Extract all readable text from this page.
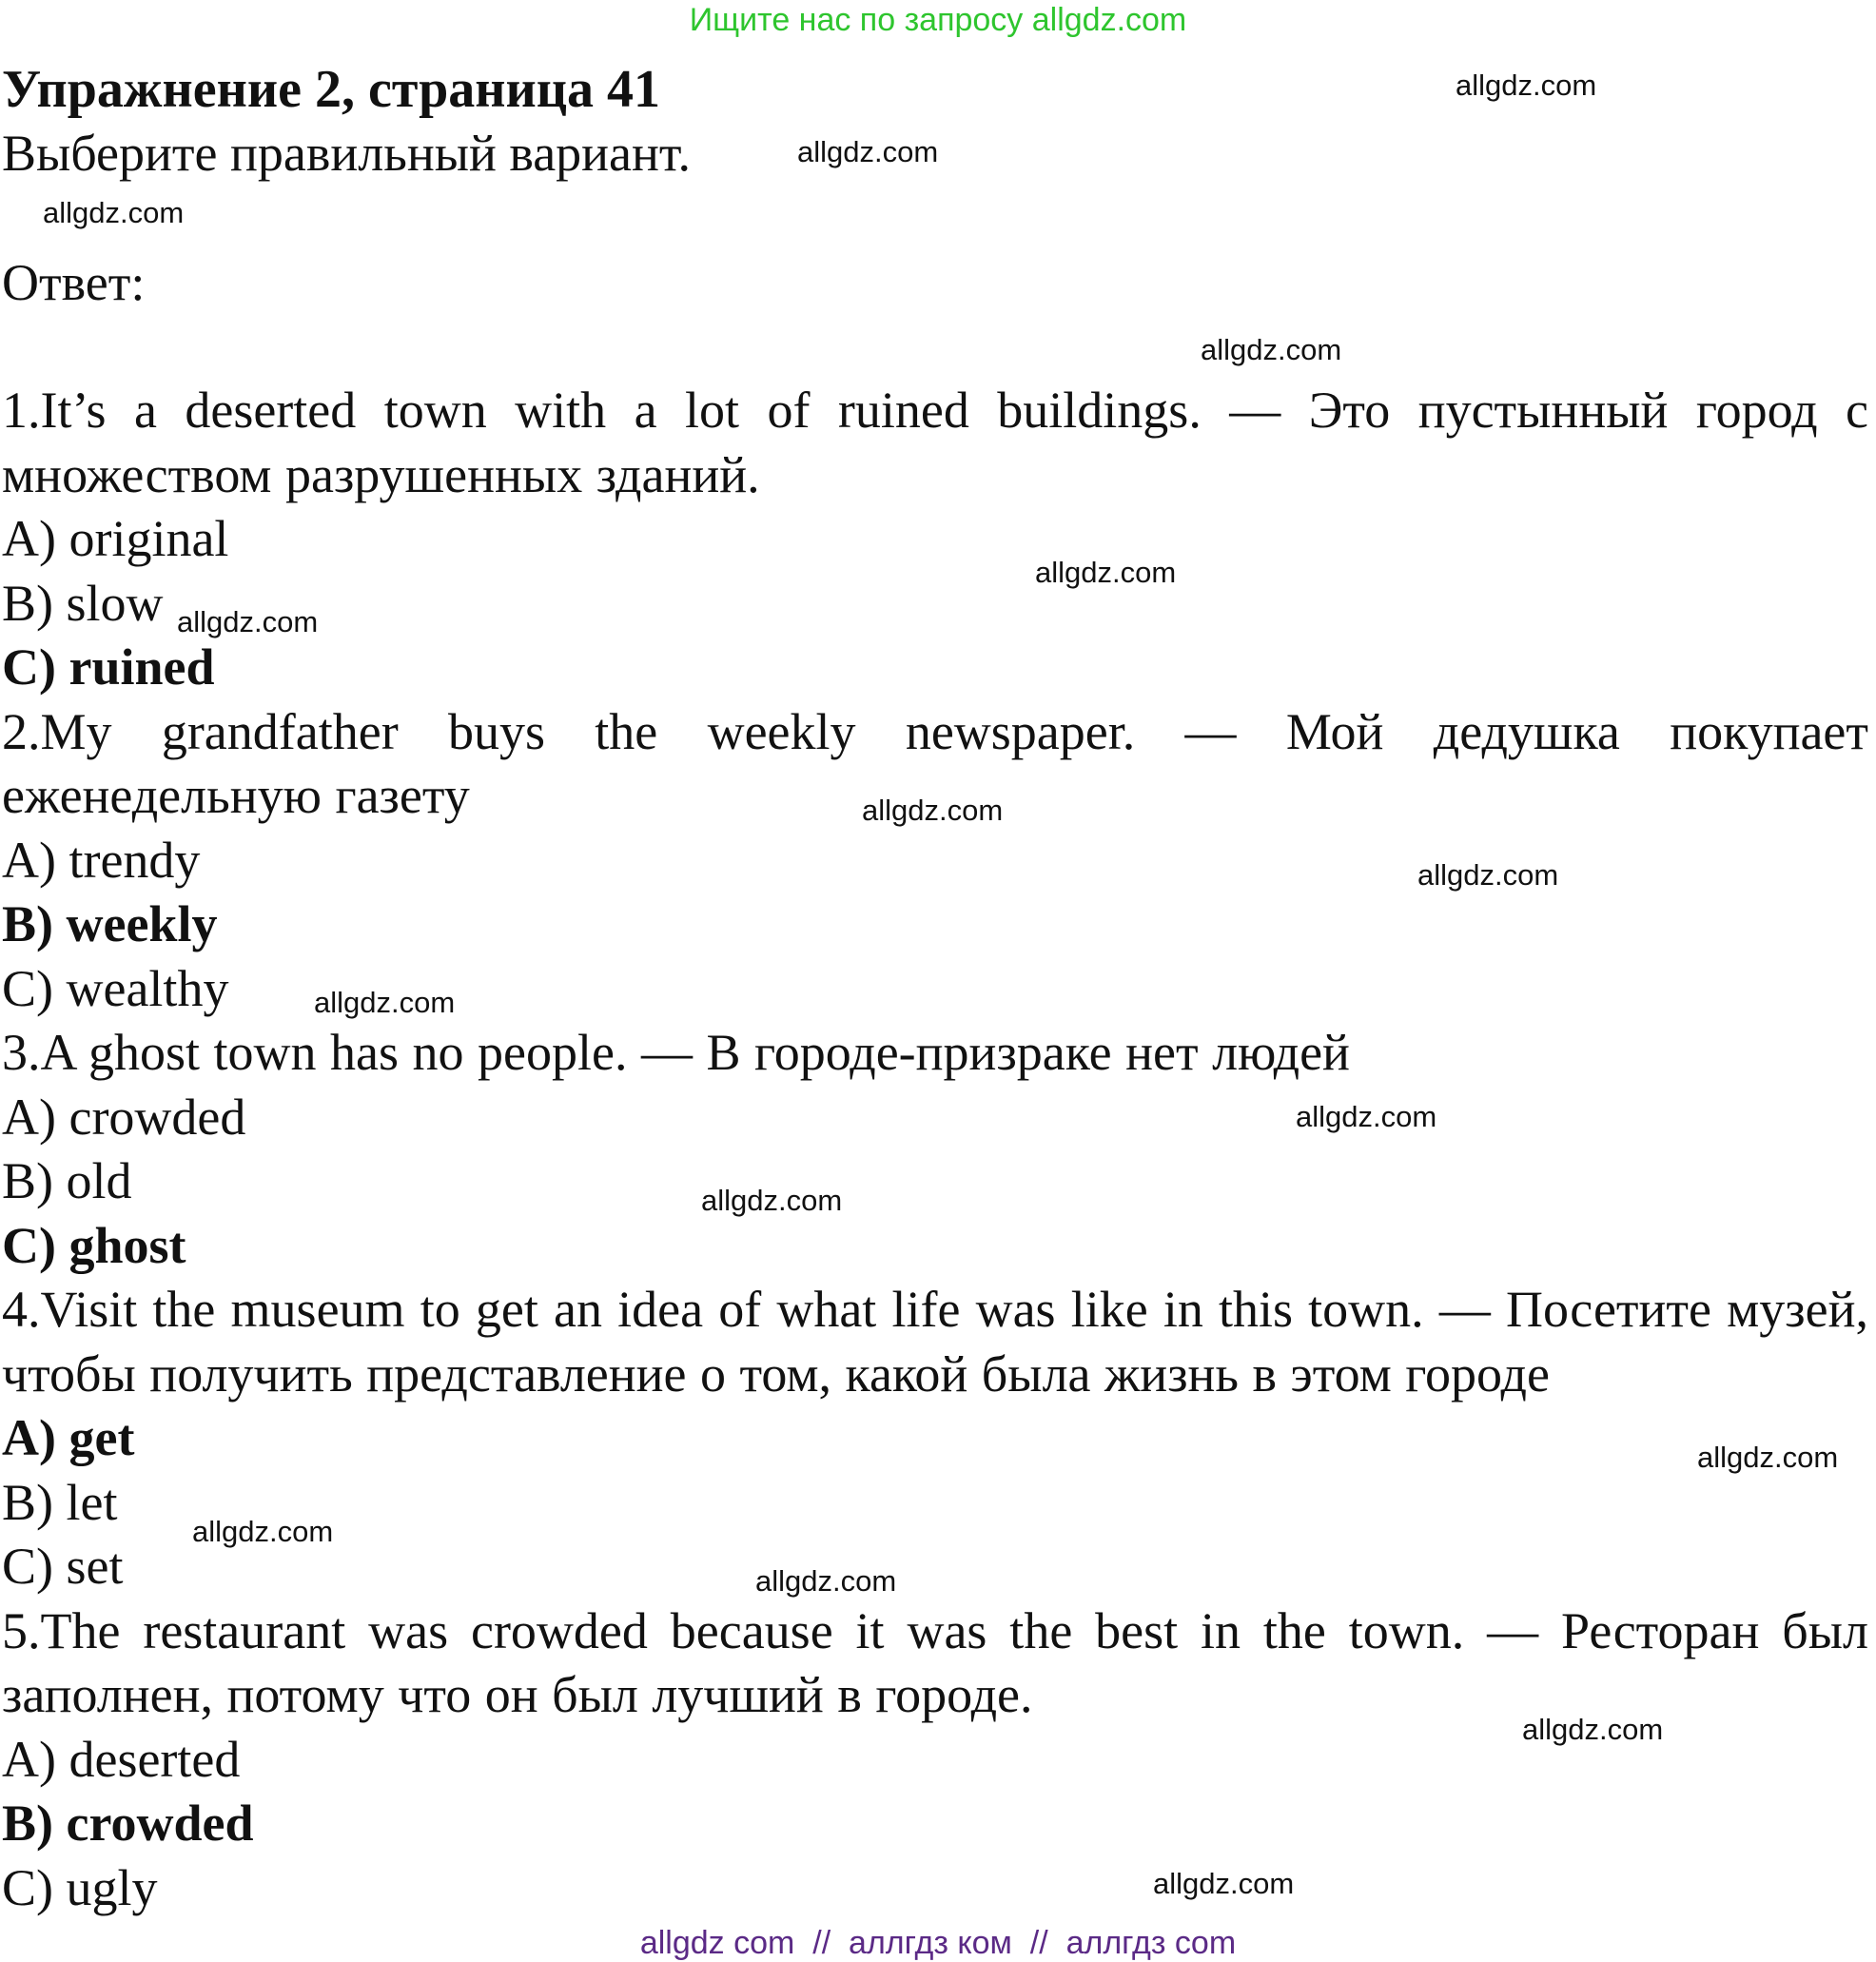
Ищите нас по запросу allgdz.com
Упражнение 2, страница 41
Выберите правильный вариант.
Ответ:
1.It’s a deserted town with a lot of ruined buildings. — Это пустынный город с множеством разрушенных зданий.
A) original
B) slow
C) ruined
2.My grandfather buys the weekly newspaper. — Мой дедушка покупает еженедельную газету
A) trendy
B) weekly
C) wealthy
3.A ghost town has no people. — В городе-призраке нет людей
A) crowded
B) old
C) ghost
4.Visit the museum to get an idea of what life was like in this town. — Посетите музей, чтобы получить представление о том, какой была жизнь в этом городе
A) get
B) let
C) set
5.The restaurant was crowded because it was the best in the town. — Ресторан был заполнен, потому что он был лучший в городе.
A) deserted
B) crowded
C) ugly
allgdz.com
allgdz.com
allgdz.com
allgdz.com
allgdz.com
allgdz.com
allgdz.com
allgdz.com
allgdz.com
allgdz.com
allgdz.com
allgdz.com
allgdz.com
allgdz.com
allgdz.com
allgdz.com
allgdz com  //  аллгдз ком  //  аллгдз com
